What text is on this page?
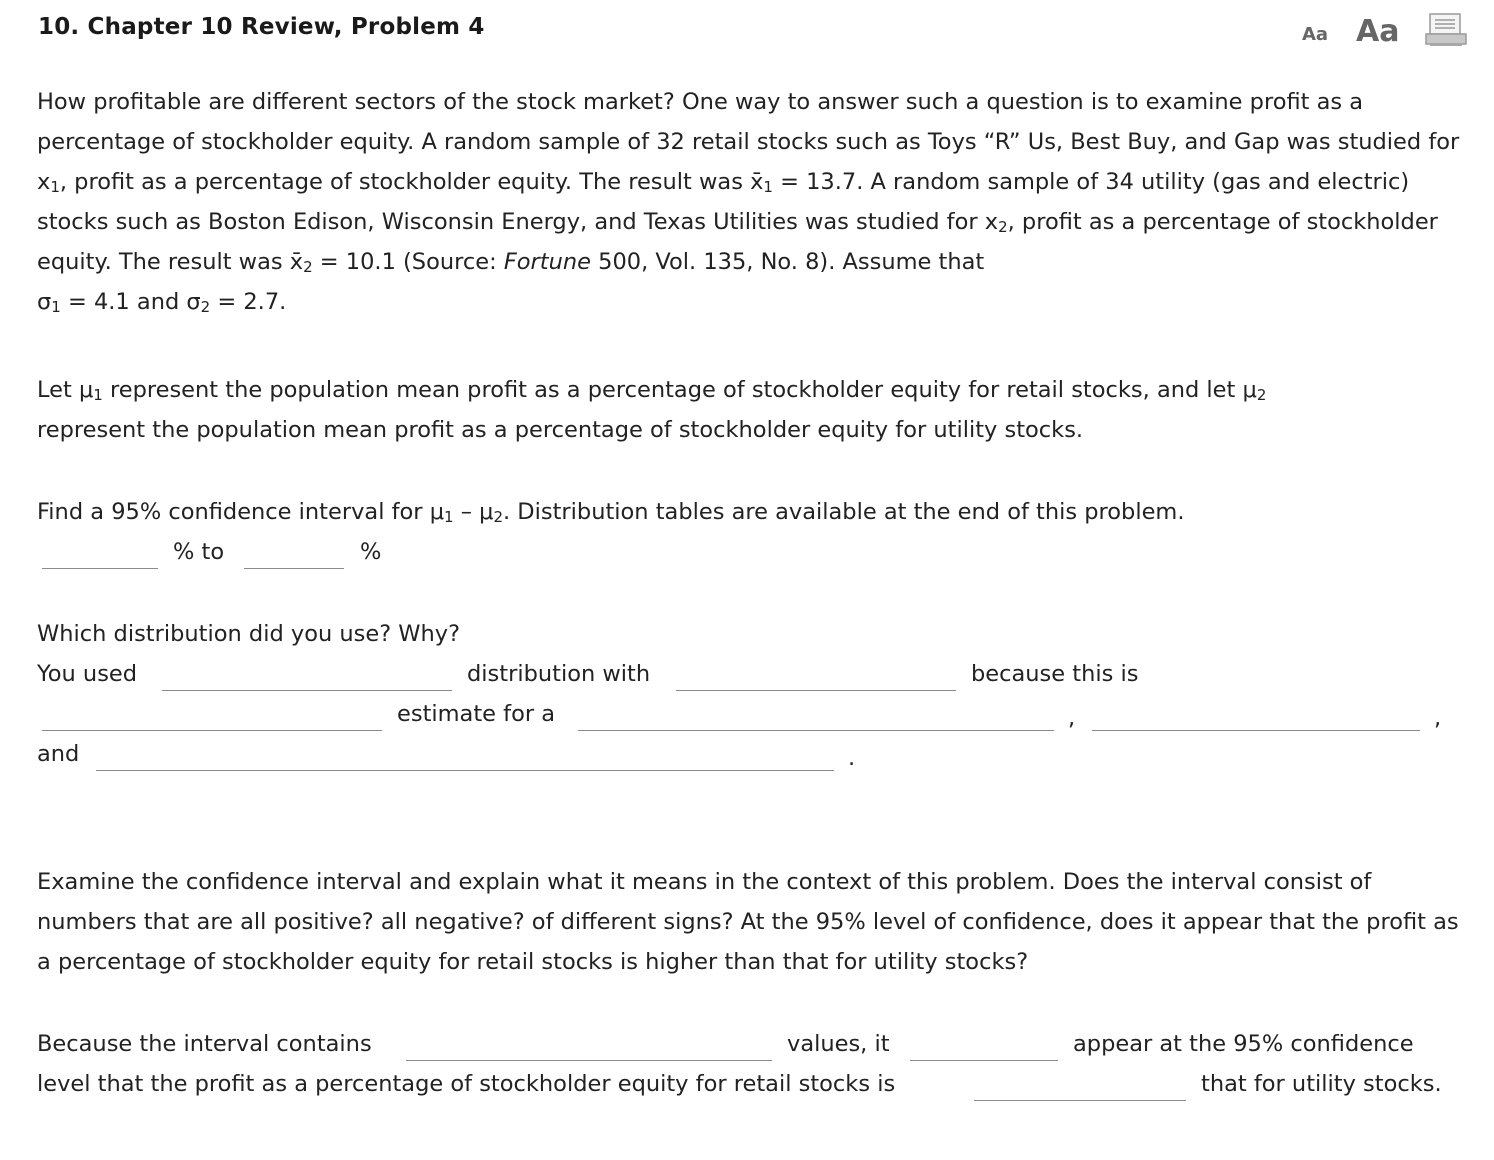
10. Chapter 10 Review, Problem 4	Aa Aa

How profitable are different sectors of the stock market? One way to answer such a question is to examine profit as a percentage of stockholder equity. A random sample of 32 retail stocks such as Toys “R” Us, Best Buy, and Gap was studied for $x_1$, profit as a percentage of stockholder equity. The result was $x̄_1 = 13.7$. A random sample of 34 utility (gas and electric) stocks such as Boston Edison, Wisconsin Energy, and Texas Utilities was studied for $x_2$, profit as a percentage of stockholder equity. The result was $x̄_2 = 10.1$ (Source: Fortune 500, Vol. 135, No. 8). Assume that
$\sigma_1 = 4.1$ and $\sigma_2 = 2.7$.

Let $\mu_1$ represent the population mean profit as a percentage of stockholder equity for retail stocks, and let $\mu_2$
represent the population mean profit as a percentage of stockholder equity for utility stocks.

Find a 95% confidence interval for $\mu_1 - \mu_2$. Distribution tables are available at the end of this problem.

% to	%
Which distribution did you use? Why?
You used	distribution with	because this is
estimate for a	,	,
and	.

Examine the confidence interval and explain what it means in the context of this problem. Does the interval consist of numbers that are all positive? all negative? of different signs? At the 95% level of confidence, does it appear that the profit as a percentage of stockholder equity for retail stocks is higher than that for utility stocks?

Because the interval contains	values, it	appear at the 95% confidence
level that the profit as a percentage of stockholder equity for retail stocks is	that for utility stocks.
